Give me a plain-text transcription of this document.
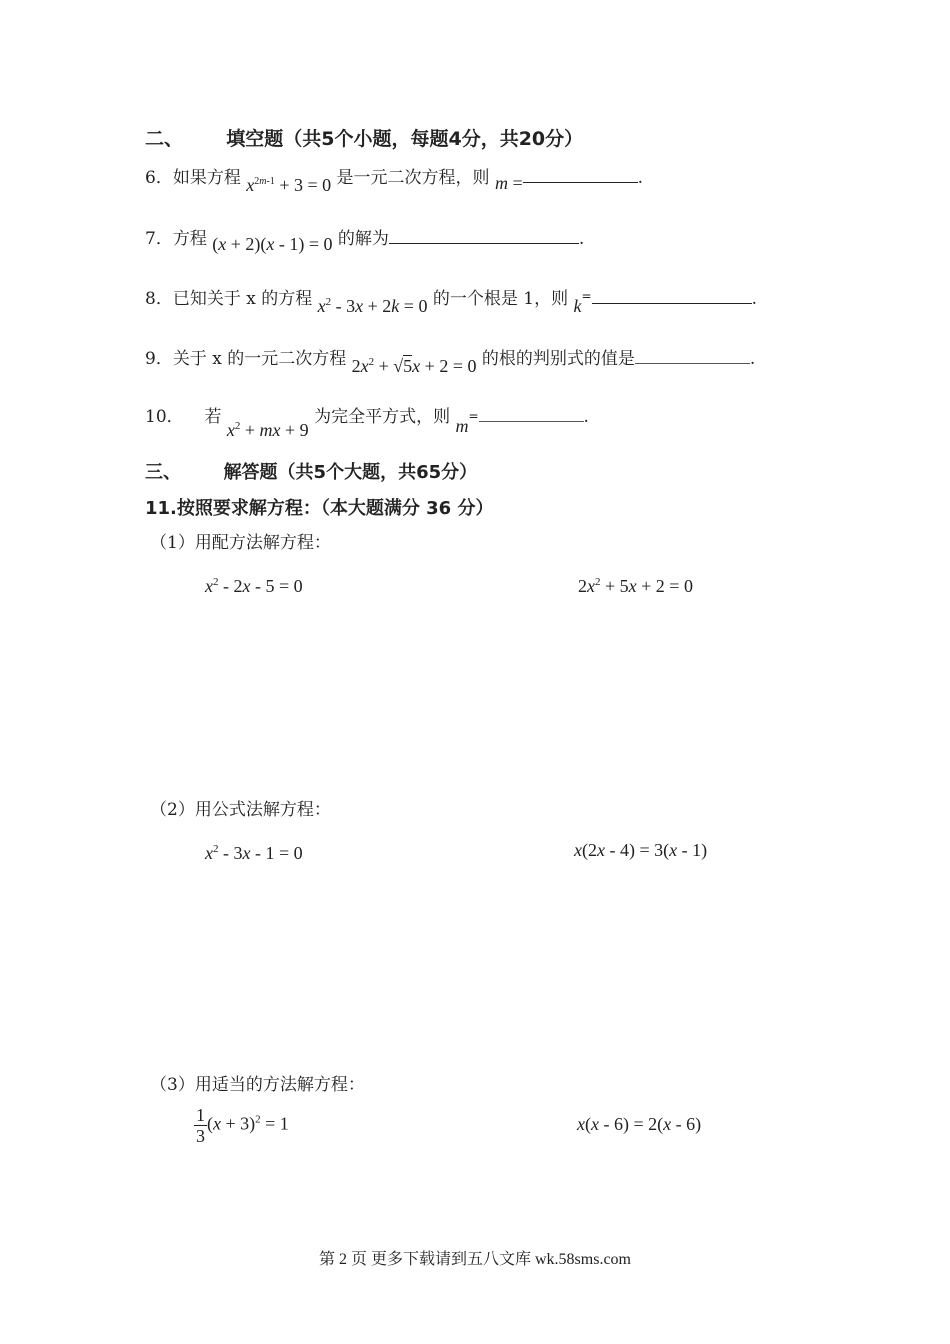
二、 填空题（共5个小题，每题4分，共20分）
6．如果方程 $x^{2m-1} + 3 = 0$ 是一元二次方程，则 m =	.
7．方程 (x + 2)(x - 1) = 0 的解为	.
8．已知关于 x 的方程 $x^2 - 3x + 2k = 0$ 的一个根是 1，则 k=	.
9．关于 x 的一元二次方程 $2x^2 + √5x + 2 = 0$ 的根的判别式的值是	.
10． 若 $x^2$ + mx + 9 为完全平方式，则 m=	.
三、 解答题（共5个大题，共65分）
11.按照要求解方程：（本大题满分 36 分）
（1）用配方法解方程：
$x^2 - 2x - 5 = 0$	$2x^2 + 5x + 2 = 0$
（2）用公式法解方程：
$x^2 - 3x - 1 = 0$	x(2x - 4) = 3(x - 1)
（3）用适当的方法解方程：
$\frac{1}{3} (x + 3)^2 = 1$	x(x - 6) = 2(x - 6)
第 2 页 更多下载请到五八文库 wk.58sms.com
